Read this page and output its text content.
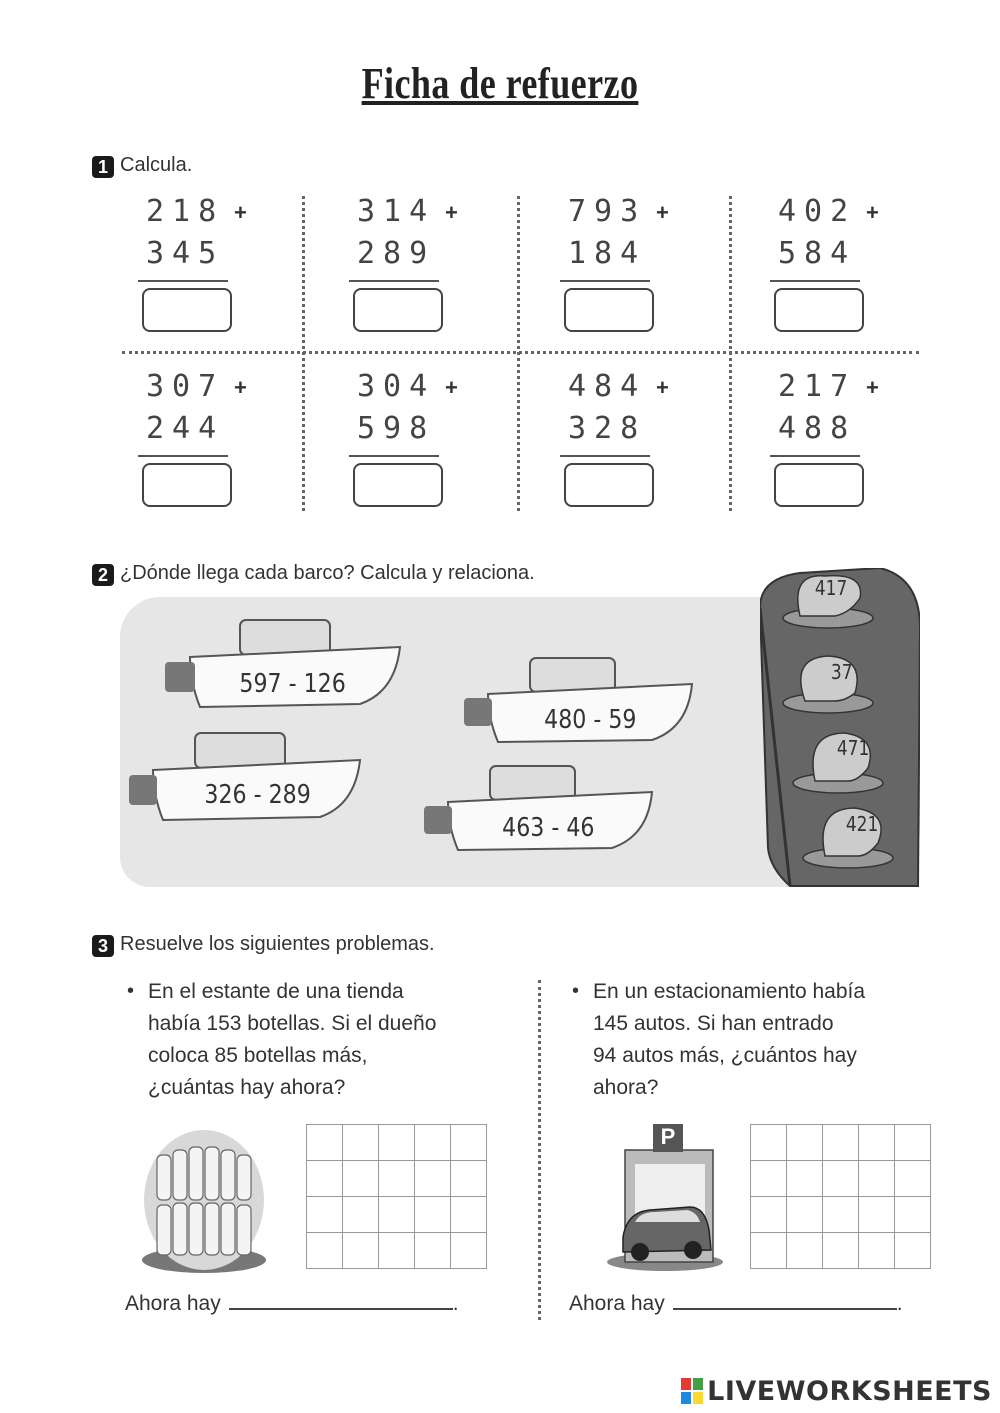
Ficha de refuerzo
1 Calcula.
218 +
345
314 +
289
793 +
184
402 +
584
307 +
244
304 +
598
484 +
328
217 +
488
2 ¿Dónde llega cada barco? Calcula y relaciona.
597 - 126
480 - 59
326 - 289
463 - 46
417
37
471
421
3 Resuelve los siguientes problemas.
• En el estante de una tienda
había 153 botellas. Si el dueño
coloca 85 botellas más,
¿cuántas hay ahora?

Ahora hay	.
• En un estacionamiento había
145 autos. Si han entrado
94 autos más, ¿cuántos hay
ahora?
P

Ahora hay	.
LIVEWORKSHEETS
